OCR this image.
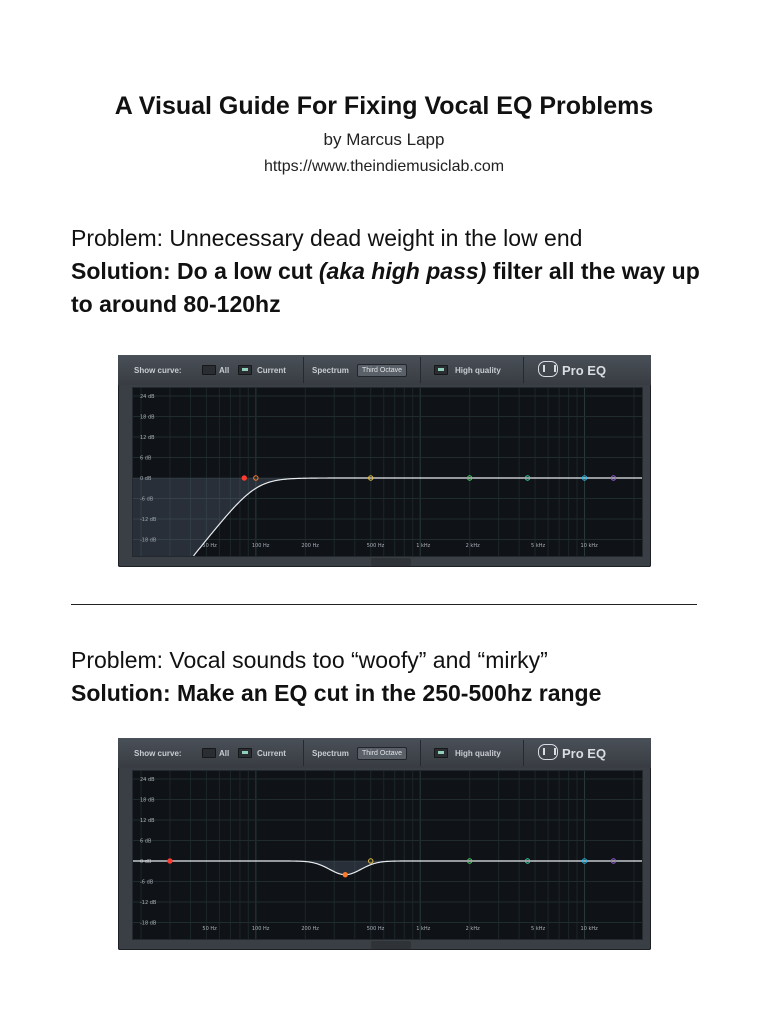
A Visual Guide For Fixing Vocal EQ Problems
by Marcus Lapp
https://www.theindiemusiclab.com
Problem: Unnecessary dead weight in the low end
Solution: Do a low cut (aka high pass) filter all the way up to around 80-120hz
Show curve:	All	Current	Spectrum	Third Octave	High quality	Pro EQ
24 dB
18 dB
12 dB
6 dB
50 Hz	100 Hz	200 Hz	500 Hz	1 kHz	2 kHz	5 kHz	10 kHz
Problem: Vocal sounds too “woofy” and “mirky”
Solution: Make an EQ cut in the 250-500hz range
Show curve:	All	Current	Spectrum	Third Octave	High quality	Pro EQ
24 dB
18 dB
12 dB
6 dB
0 dB
-6 dB
-12 dB
-18 dB
50 Hz	100 Hz	200 Hz	500 Hz	1 kHz	2 kHz	5 kHz	10 kHz
